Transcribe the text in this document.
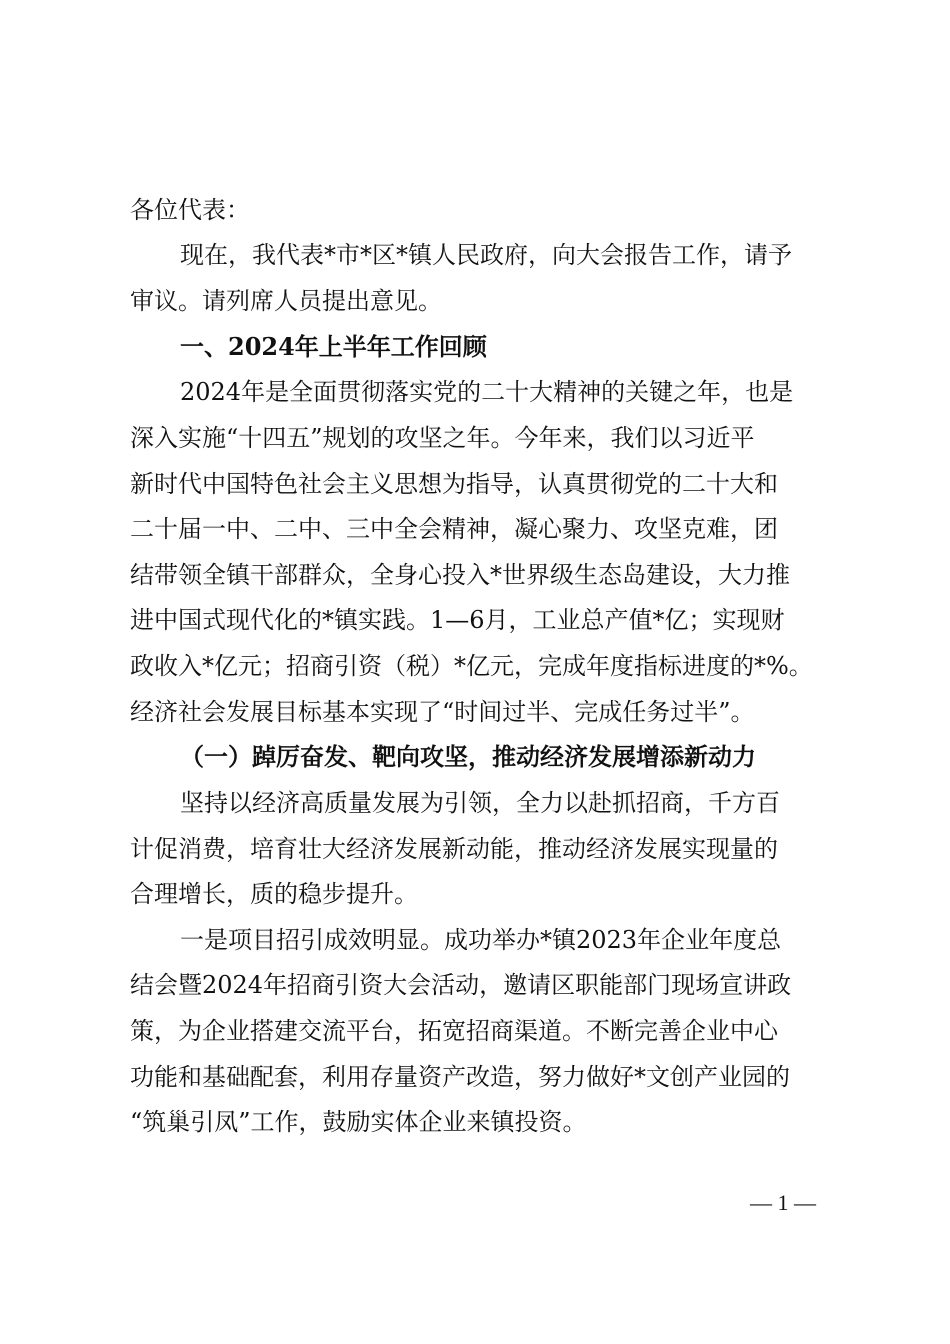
各位代表：
现在，我代表*市*区*镇人民政府，向大会报告工作，请予
审议。请列席人员提出意见。
一、2024年上半年工作回顾
2024年是全面贯彻落实党的二十大精神的关键之年，也是
深入实施“十四五”规划的攻坚之年。今年来，我们以习近平
新时代中国特色社会主义思想为指导，认真贯彻党的二十大和
二十届一中、二中、三中全会精神，凝心聚力、攻坚克难，团
结带领全镇干部群众，全身心投入*世界级生态岛建设，大力推
进中国式现代化的*镇实践。1—6月，工业总产值*亿；实现财
政收入*亿元；招商引资（税）*亿元，完成年度指标进度的*%。
经济社会发展目标基本实现了“时间过半、完成任务过半”。
（一）踔厉奋发、靶向攻坚，推动经济发展增添新动力
坚持以经济高质量发展为引领，全力以赴抓招商，千方百
计促消费，培育壮大经济发展新动能，推动经济发展实现量的
合理增长，质的稳步提升。
一是项目招引成效明显。成功举办*镇2023年企业年度总
结会暨2024年招商引资大会活动，邀请区职能部门现场宣讲政
策，为企业搭建交流平台，拓宽招商渠道。不断完善企业中心
功能和基础配套，利用存量资产改造，努力做好*文创产业园的
“筑巢引凤”工作，鼓励实体企业来镇投资。
— 1 —
